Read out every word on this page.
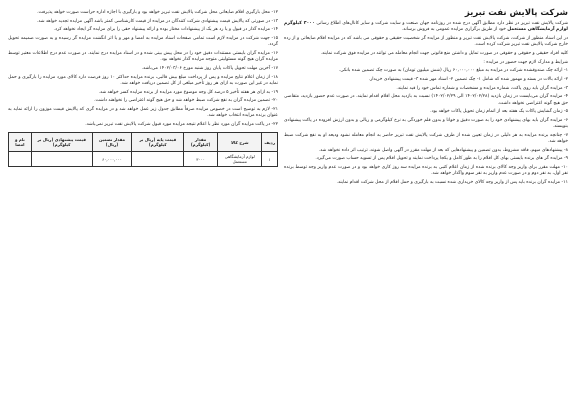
شرکت پالایش نفت تبریز

شرکت پالایش نفت تبریز در نظر دارد مطابق آگهی درج شده در روزنامه جهان صنعت و سایت شرکت و سایر کانال‌های اطلاع رسانی ۳۰۰۰ کیلوگرم لوازم آزمایشگاهی مستعمل خود از طریق برگزاری مزایده عمومی به فروش برساند.

در این اسناد منظور از شرکت، شرکت پالایش نفت تبریز و منظور از مزایده گر شخصیت حقیقی و حقوقی می باشد که در مزایده اقلام ضایعاتی و از رده خارج شرکت پالایش نفت تبریز شرکت کرده است.

کلیه افراد حقیقی و حقوقی و حقوقی در صورت تمایل و داشتن منع قانونی جهت انجام معامله می توانند در مزایده فوق شرکت نمایند.

شرایط و مدارک لازم جهت حضور در مزایده :

۱- ارائه چک صندوقشده شرکت در مزایده به مبلغ ۶۰,۰۰۰,۰۰۰ ریال (شش میلیون تومان) به صورت چک تضمین شده بانکی.

۲- ارائه بالات در بسته و مهمور شده که شامل ۱- چک تضمین ۲- اسناد مهر شده ۳- قیمت پیشنهادی خریدار.

۳- مزایده گران باید روی پاکت، شماره مزایده و مشخصات و شماره تماس خود را قید نمایند.

۴- مزایده گران می‌بایست در زمان بازدید (۱۴۰۲/۰۲/۲۸ الی ۱۴۰۲/۰۲/۲۹) نسبت به بازدید محل اقلام اقدام نمایند. در صورت عدم حضور بازدید، متقاضی حق هیچ گونه اعتراضی نخواهد داشت.

۵- زمان گشایش پاکات یک هفته بعد از اتمام زمان تحویل پاکات خواهد بود.

۶- مزایده گران باید بهای پیشنهادی خود را به صورت دقیق و خوانا و بدون قلم خوردگی به نرخ کیلوگرمی و ریالی و بدون ارزش افزوده در پاکت پیشنهادی بنویسند.

۷- چنانچه برنده مزایده به هر دلیلی در زمان تعیین شده از طرف شرکت پالایش نفت تبریز حاضر به انجام معامله نشود ودیعه او به نفع شرکت ضبط خواهد شد.

۸- پیشنهادهای مبهم، فاقد مشروط، بدون تضمین و پیشنهادهایی که بعد از مهلت مقرر در آگهی واصل شوند، ترتیب اثر داده نخواهد شد.

۹- مزایده گر های برنده بایستی بهای کل اقلام را به طور کامل و یکجا پرداخت نمایند و تحویل اقلام پس از تسویه حساب صورت می‌گیرد.

۱۰- مهلت مقرر برای واریز وجه کالای برنده شده از زمان اعلام کتبی به برنده مزایده سه روز کاری خواهد بود و در صورت عدم واریز وجه توسط برنده نفر اول، به نفر دوم و در صورت عدم واریز به نفر سوم واگذار خواهد شد.

۱۱- مزایده گران برنده باید پس از واریز وجه کالای خریداری شده نسبت به بارگیری و حمل اقلام از محل شرکت اقدام نمایند.

۱۲- محل بارگیری اقلام ضایعاتی محل شرکت پالایش نفت تبریز خواهد بود و بارگیری با اجازه اداره حراست صورت خواهد پذیرفت.

۱۳- در صورتی که پالایش قیمت پیشنهادی شرکت کنندگان در مزایده از قیمت کارشناسی کمتر باشد آگهی مزایده تجدید خواهد شد.

۱۴- مزایده گذار در قبول و یا رد هر یک از پیشنهادات مختار بوده و ارائه پیشنهاد حقی را برای مزایده گر ایجاد نخواهد کرد.

۱۵- جهت شرکت در مزایده لازم است تمامی صفحات اسناد مزایده به امضا و مهر و یا اثر انگشت مزایده گر رسیده و به صورت ضمیمه تحویل گردد.

۱۶- مزایده گران بایستی مستندات دقیق خود را در محل پیش بینی شده و در اسناد مزایده درج نمایند. در صورت عدم درج اطلاعات معتبر توسط مزایده گران هیچ گونه مسئولیتی متوجه مزایده گذار نخواهد بود.

۱۷- آخرین مهلت تحویل پاکات پایان روز شنبه مورخ ۱۴۰۲/۰۳/۰۶ می‌باشد.

۱۸- از زمان اعلام نتایج مزایده و پس از پرداخت مبلغ بیش قالبی، برنده مزایده حداکثر ۱۰ روز فرصت دارد کالای مورد مزایده را بارگیری و حمل نماید در غیر این صورت به ازای هر روز تأخیر مبلغی از کل تضمین دریافت خواهد شد.

۱۹- به ازای هر هفته تأخیر ۵ درصد کل وجه موضوع مورد مزایده از برنده مزایده کسر خواهد شد.

۲۰- تضمین مزایده گران به نفع شرکت ضبط خواهد شد و حق هیچ گونه اعتراضی را نخواهند داشت.

۲۱- لازم به توضیح است در خصوص مزایده صرفاً مطابق جدول زیر عمل خواهد شد و در مزایده گری که پالایش قیمت موزون را ارائه نماید به عنوان برنده مزایده انتخاب خواهد شد.

۲۲- در پاکت مزایده گران مورد نظر با اعلام نتیجه مزایده مورد قبول شرکت پالایش نفت تبریز نمی‌باشد.

ردیف	شرح کالا	مقدار (کیلوگرم)	قیمت پایه (ریال بر کیلوگرم)	مقدار تضمین (ریال)	قیمت پیشنهادی (ریال بر کیلوگرم)	نام و امضا
۱	لوازم آزمایشگاهی مستعمل	۳۰۰۰		۶۰,۰۰۰,۰۰۰		
